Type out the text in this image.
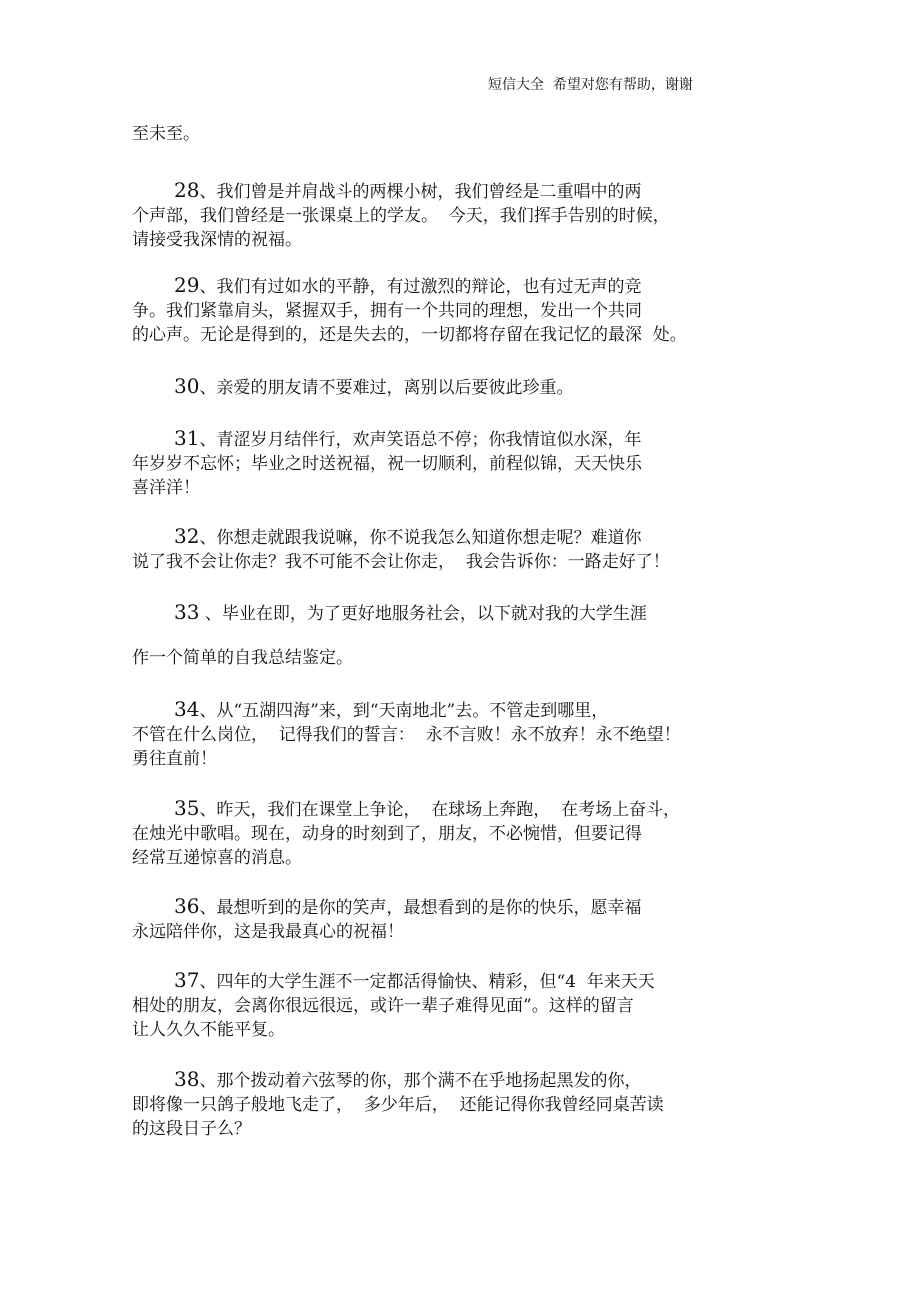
短信大全  希望对您有帮助，谢谢
至未至。
28、我们曾是并肩战斗的两棵小树，我们曾经是二重唱中的两
个声部，我们曾经是一张课桌上的学友。  今天，我们挥手告别的时候，
请接受我深情的祝福。
29、我们有过如水的平静，有过激烈的辩论，也有过无声的竞
争。我们紧靠肩头，紧握双手，拥有一个共同的理想，发出一个共同
的心声。无论是得到的，还是失去的，一切都将存留在我记忆的最深  处。
30、亲爱的朋友请不要难过，离别以后要彼此珍重。
31、青涩岁月结伴行，欢声笑语总不停；你我情谊似水深，年
年岁岁不忘怀；毕业之时送祝福，祝一切顺利，前程似锦，天天快乐
喜洋洋！
32、你想走就跟我说嘛，你不说我怎么知道你想走呢？难道你
说了我不会让你走？我不可能不会让你走，  我会告诉你：一路走好了！
33 、毕业在即，为了更好地服务社会，以下就对我的大学生涯
作一个简单的自我总结鉴定。
34、从“五湖四海”来，到“天南地北”去。不管走到哪里，
不管在什么岗位，  记得我们的誓言：  永不言败！永不放弃！永不绝望！
勇往直前！
35、昨天，我们在课堂上争论，  在球场上奔跑，  在考场上奋斗，
在烛光中歌唱。现在，动身的时刻到了，朋友，不必惋惜，但要记得
经常互递惊喜的消息。
36、最想听到的是你的笑声，最想看到的是你的快乐，愿幸福
永远陪伴你，这是我最真心的祝福！
37、四年的大学生涯不一定都活得愉快、精彩，但“4  年来天天
相处的朋友，会离你很远很远，或许一辈子难得见面”。这样的留言
让人久久不能平复。
38、那个拨动着六弦琴的你，那个满不在乎地扬起黑发的你，
即将像一只鸽子般地飞走了，  多少年后，  还能记得你我曾经同桌苦读
的这段日子么？
